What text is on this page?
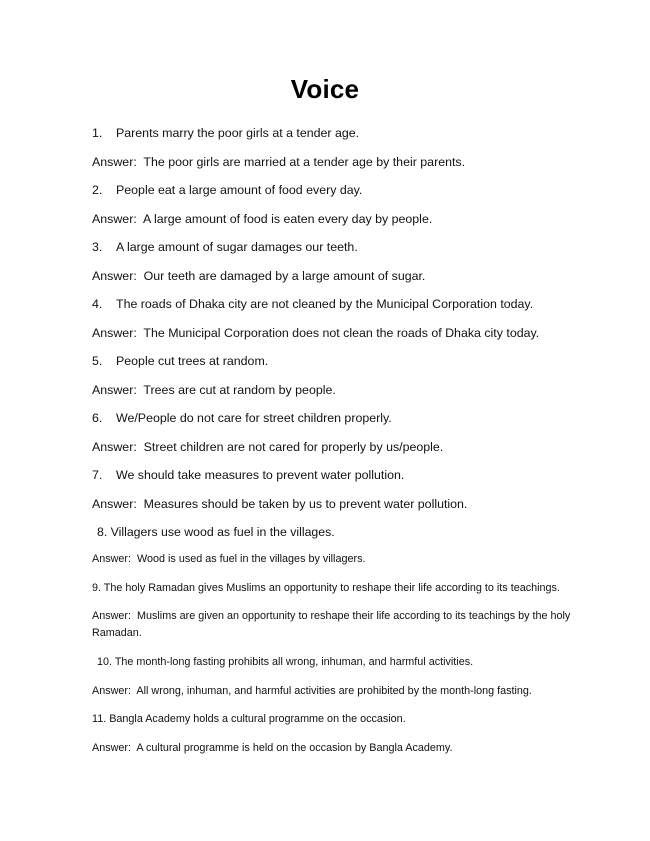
Voice

1.	Parents marry the poor girls at a tender age.

Answer:  The poor girls are married at a tender age by their parents.

2.	People eat a large amount of food every day.

Answer:  A large amount of food is eaten every day by people.

3.	A large amount of sugar damages our teeth.

Answer:  Our teeth are damaged by a large amount of sugar.

4.	The roads of Dhaka city are not cleaned by the Municipal Corporation today.

Answer:  The Municipal Corporation does not clean the roads of Dhaka city today.

5.	People cut trees at random.

Answer:  Trees are cut at random by people.

6.	We/People do not care for street children properly.

Answer:  Street children are not cared for properly by us/people.

7.	We should take measures to prevent water pollution.

Answer:  Measures should be taken by us to prevent water pollution.

8. Villagers use wood as fuel in the villages.

Answer:  Wood is used as fuel in the villages by villagers.

9. The holy Ramadan gives Muslims an opportunity to reshape their life according to its teachings.

Answer:  Muslims are given an opportunity to reshape their life according to its teachings by the holy Ramadan.

10. The month-long fasting prohibits all wrong, inhuman, and harmful activities.

Answer:  All wrong, inhuman, and harmful activities are prohibited by the month-long fasting.

11. Bangla Academy holds a cultural programme on the occasion.

Answer:  A cultural programme is held on the occasion by Bangla Academy.
